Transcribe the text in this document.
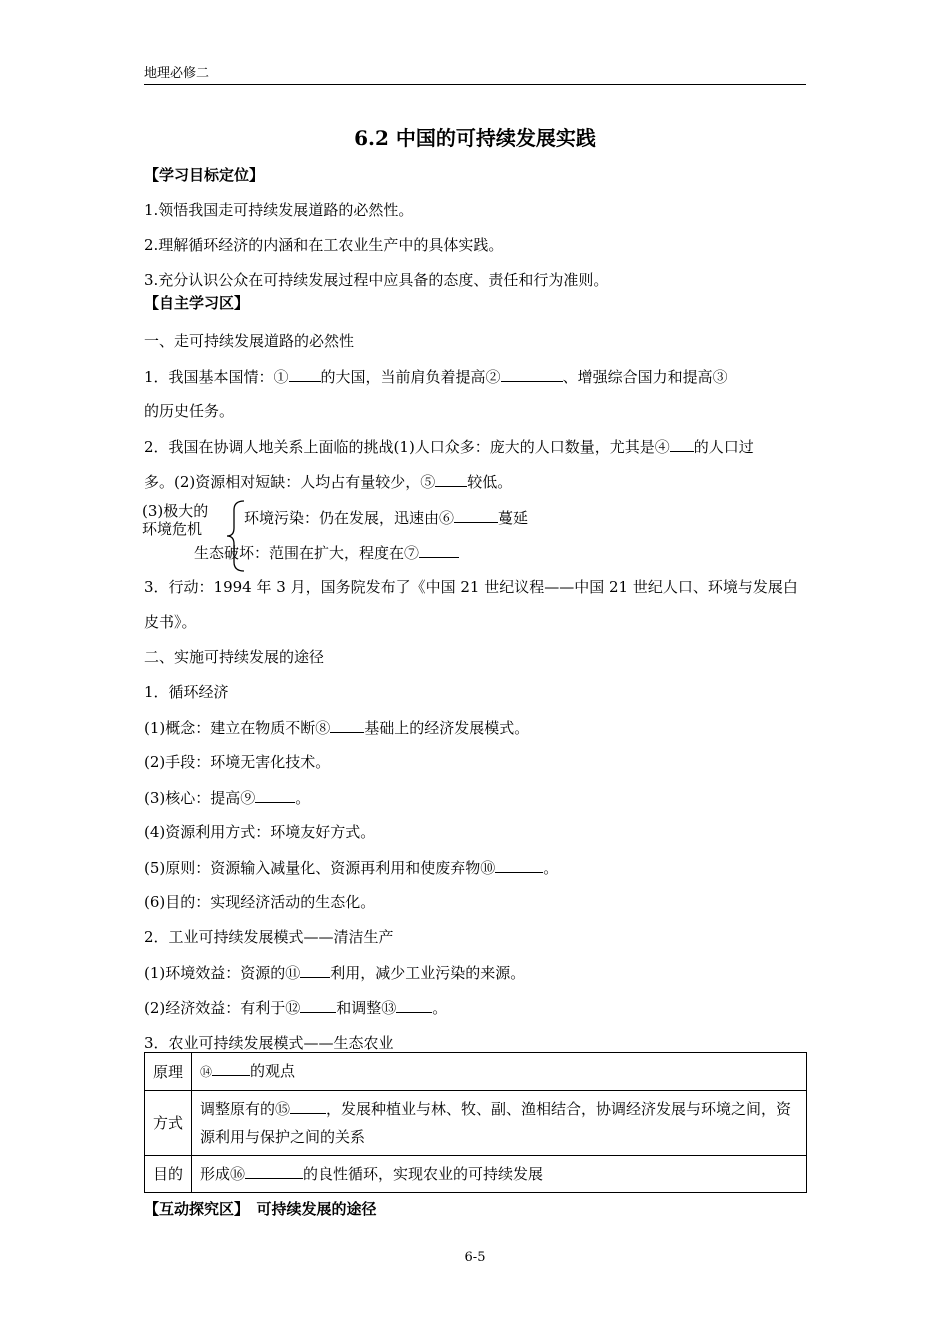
地理必修二
6.2 中国的可持续发展实践
【学习目标定位】
1.领悟我国走可持续发展道路的必然性。
2.理解循环经济的内涵和在工农业生产中的具体实践。
3.充分认识公众在可持续发展过程中应具备的态度、责任和行为准则。
【自主学习区】
一、走可持续发展道路的必然性
1．我国基本国情：① 的大国，当前肩负着提高②	、增强综合国力和提高③
的历史任务。
2．我国在协调人地关系上面临的挑战(1)人口众多：庞大的人口数量，尤其是④ 的人口过
多。(2)资源相对短缺：人均占有量较少，⑤ 较低。
(3)极大的
环境危机
环境污染：仍在发展，迅速由⑥	蔓延
生态破坏：范围在扩大，程度在⑦
3．行动：1994 年 3 月，国务院发布了《中国 21 世纪议程——中国 21 世纪人口、环境与发展白
皮书》。
二、实施可持续发展的途径
1．循环经济
(1)概念：建立在物质不断⑧ 基础上的经济发展模式。
(2)手段：环境无害化技术。
(3)核心：提高⑨	。
(4)资源利用方式：环境友好方式。
(5)原则：资源输入减量化、资源再利用和使废弃物⑩	。
(6)目的：实现经济活动的生态化。
2．工业可持续发展模式——清洁生产
(1)环境效益：资源的⑪ 利用，减少工业污染的来源。
(2)经济效益：有利于⑫ 和调整⑬ 。
3．农业可持续发展模式——生态农业
原理	⑭ 的观点
方式	调整原有的⑮ ，发展种植业与林、牧、副、渔相结合，协调经济发展与环境之间，资源利用与保护之间的关系
目的	形成⑯ 的良性循环，实现农业的可持续发展
【互动探究区】　可持续发展的途径
6-5
